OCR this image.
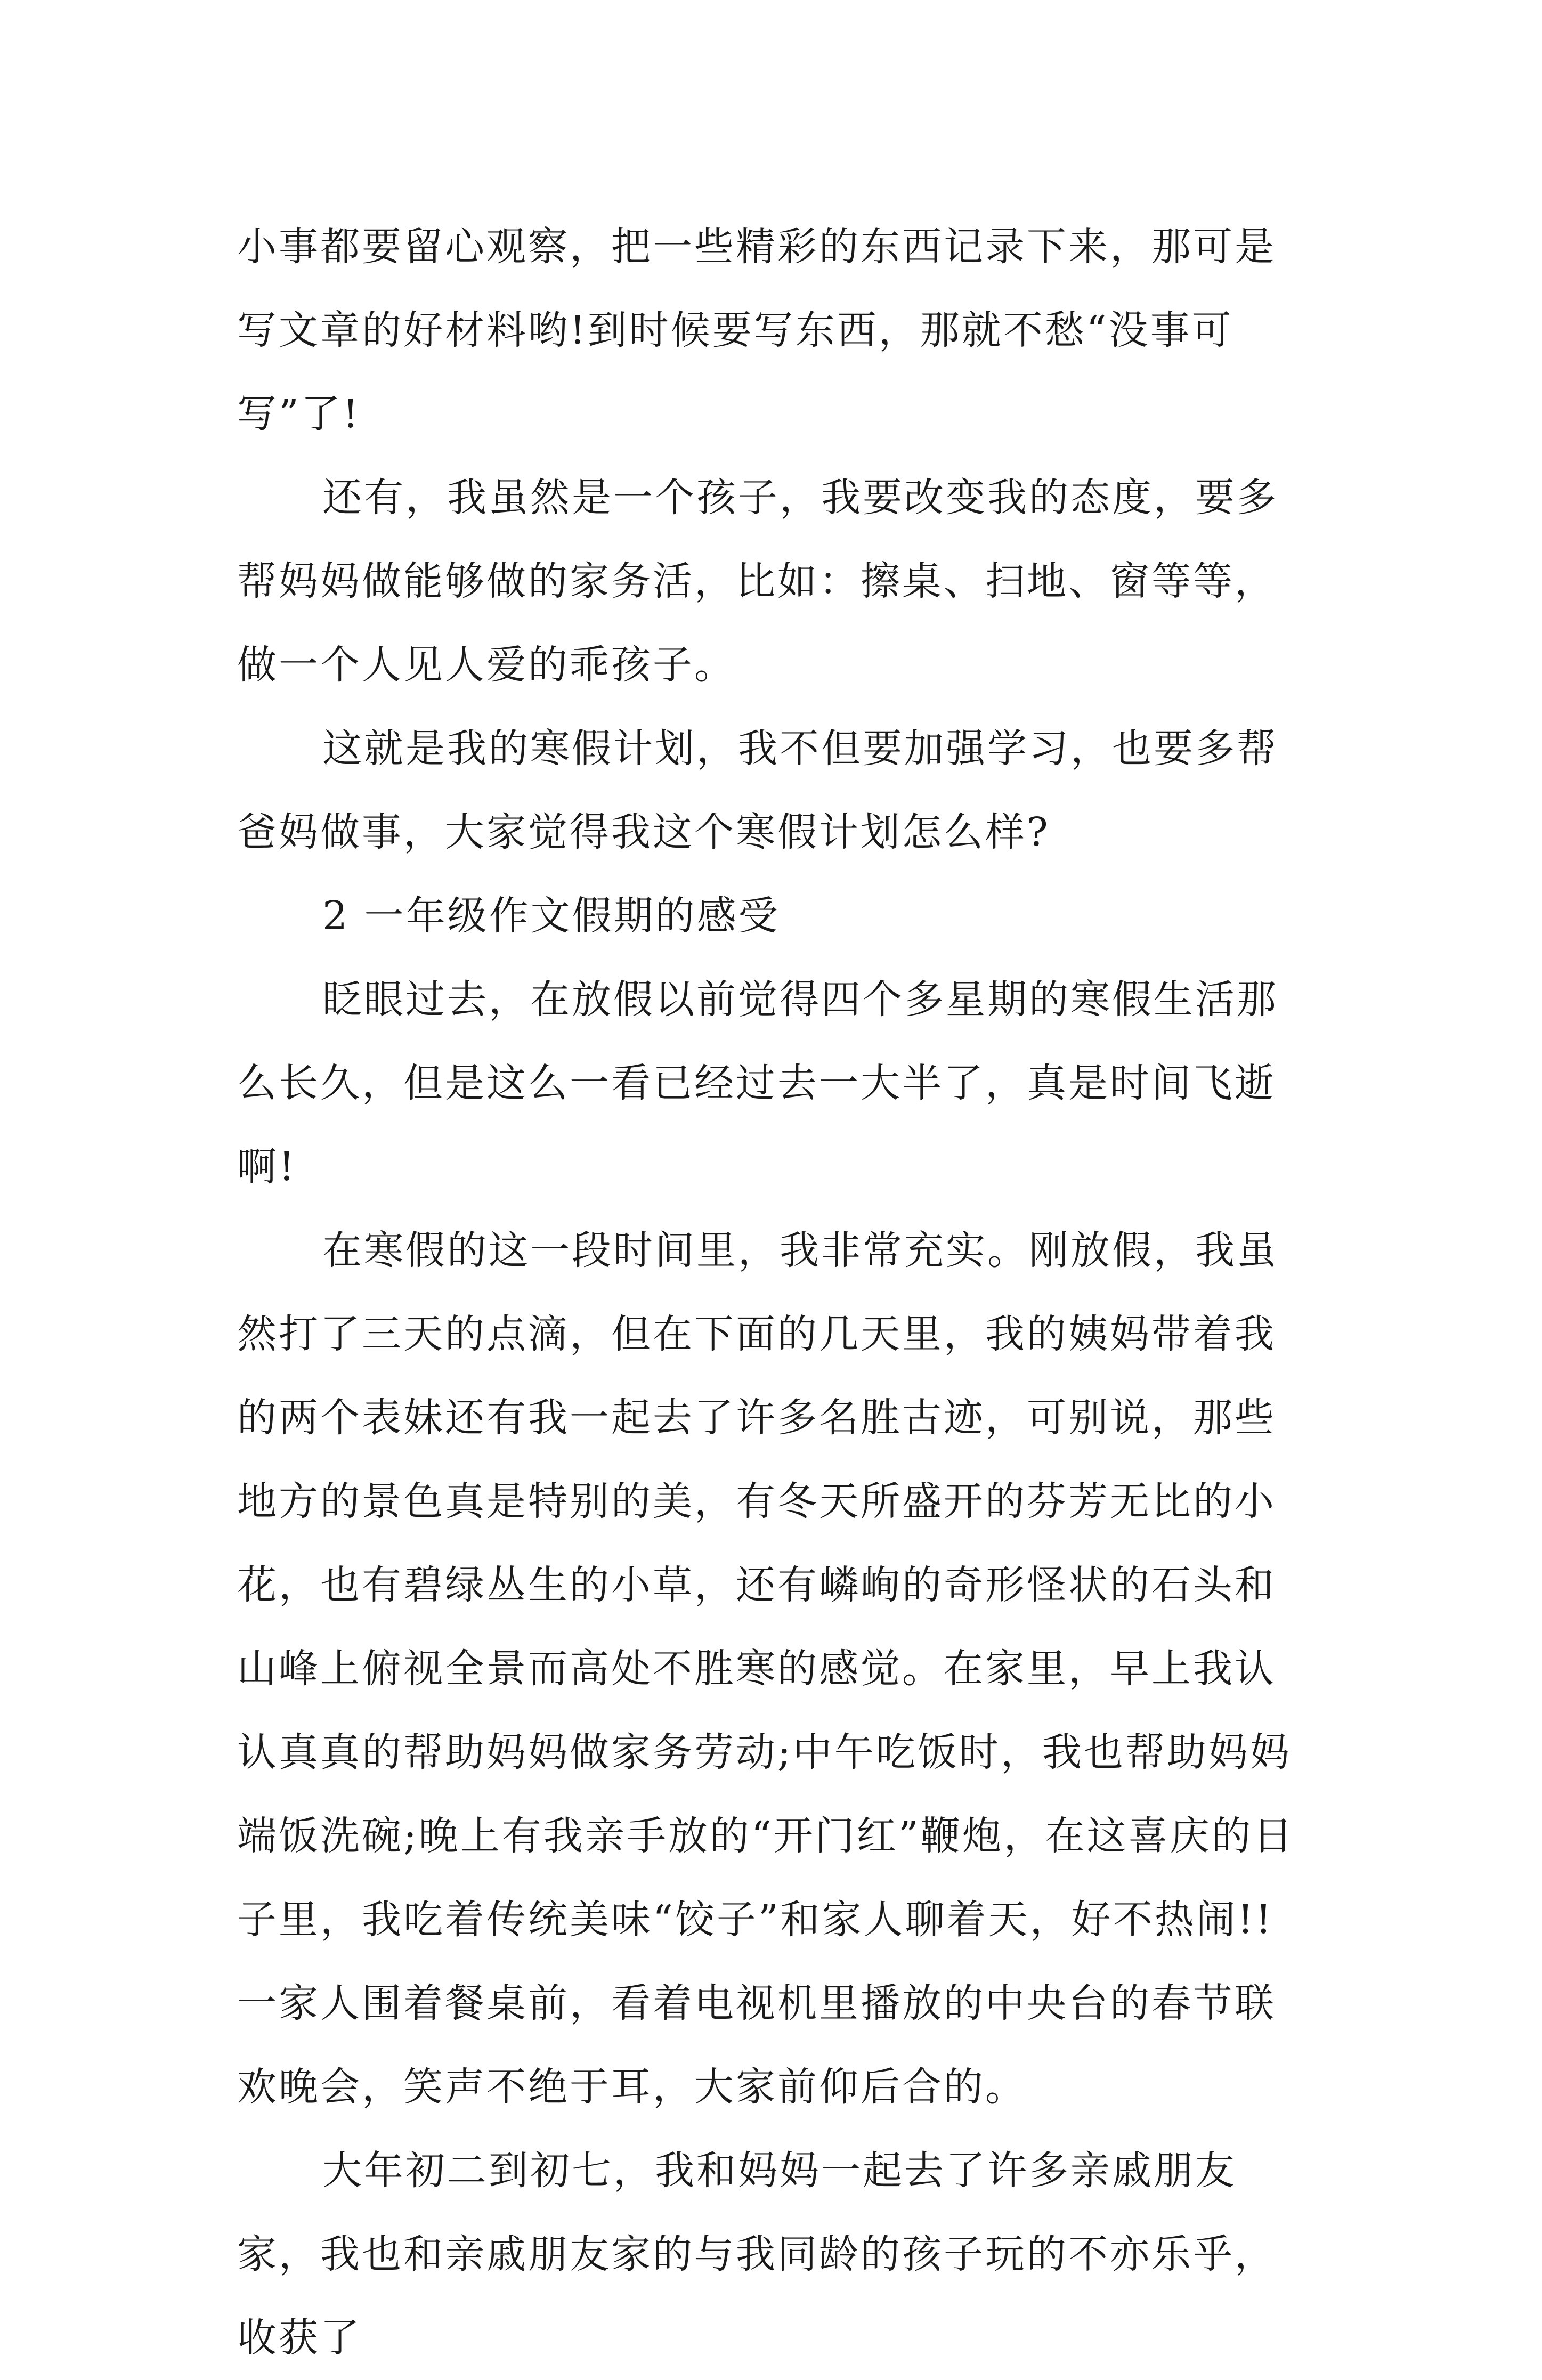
小事都要留心观察，把一些精彩的东西记录下来，那可是写文章的好材料哟!到时候要写东西，那就不愁“没事可写”了!

还有，我虽然是一个孩子，我要改变我的态度，要多帮妈妈做能够做的家务活，比如：擦桌、扫地、窗等等，做一个人见人爱的乖孩子。

这就是我的寒假计划，我不但要加强学习，也要多帮爸妈做事，大家觉得我这个寒假计划怎么样?

2 一年级作文假期的感受

眨眼过去，在放假以前觉得四个多星期的寒假生活那么长久，但是这么一看已经过去一大半了，真是时间飞逝啊!

在寒假的这一段时间里，我非常充实。刚放假，我虽然打了三天的点滴，但在下面的几天里，我的姨妈带着我的两个表妹还有我一起去了许多名胜古迹，可别说，那些地方的景色真是特别的美，有冬天所盛开的芬芳无比的小花，也有碧绿丛生的小草，还有嶙峋的奇形怪状的石头和山峰上俯视全景而高处不胜寒的感觉。在家里，早上我认认真真的帮助妈妈做家务劳动;中午吃饭时，我也帮助妈妈端饭洗碗;晚上有我亲手放的“开门红”鞭炮，在这喜庆的日子里，我吃着传统美味“饺子”和家人聊着天，好不热闹!!一家人围着餐桌前，看着电视机里播放的中央台的春节联欢晚会，笑声不绝于耳，大家前仰后合的。

大年初二到初七，我和妈妈一起去了许多亲戚朋友家，我也和亲戚朋友家的与我同龄的孩子玩的不亦乐乎，收获了
